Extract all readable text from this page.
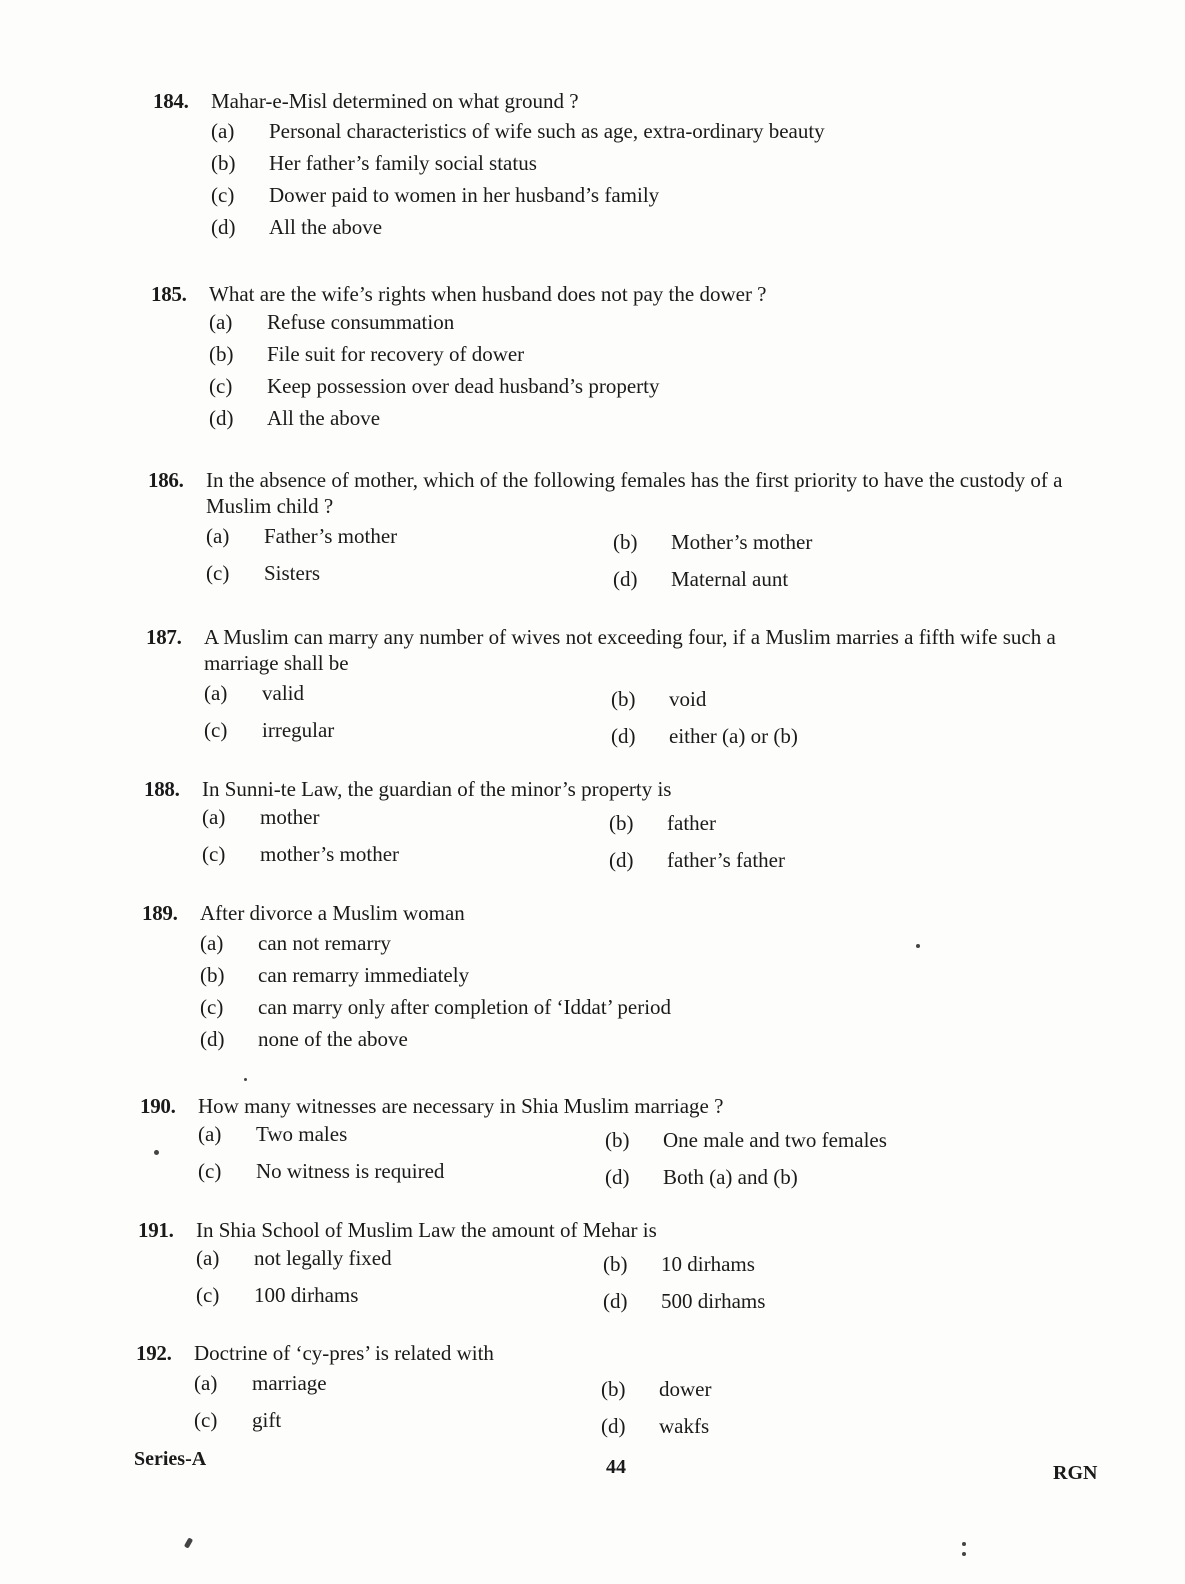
184.	Mahar-e-Misl determined on what ground ?
(a)	Personal characteristics of wife such as age, extra-ordinary beauty
(b)	Her father’s family social status
(c)	Dower paid to women in her husband’s family
(d)	All the above
185.	What are the wife’s rights when husband does not pay the dower ?
(a)	Refuse consummation
(b)	File suit for recovery of dower
(c)	Keep possession over dead husband’s property
(d)	All the above
186.	In the absence of mother, which of the following females has the first priority to have the custody of a Muslim child ?
(a)	Father’s mother	(b)	Mother’s mother
(c)	Sisters	(d)	Maternal aunt
187.	A Muslim can marry any number of wives not exceeding four, if a Muslim marries a fifth wife such a marriage shall be
(a)	valid	(b)	void
(c)	irregular	(d)	either (a) or (b)
188.	In Sunni-te Law, the guardian of the minor’s property is
(a)	mother	(b)	father
(c)	mother’s mother	(d)	father’s father
189.	After divorce a Muslim woman
(a)	can not remarry
(b)	can remarry immediately
(c)	can marry only after completion of ‘Iddat’ period
(d)	none of the above
190.	How many witnesses are necessary in Shia Muslim marriage ?
(a)	Two males	(b)	One male and two females
(c)	No witness is required	(d)	Both (a) and (b)
191.	In Shia School of Muslim Law the amount of Mehar is
(a)	not legally fixed	(b)	10 dirhams
(c)	100 dirhams	(d)	500 dirhams
192.	Doctrine of ‘cy-pres’ is related with
(a)	marriage	(b)	dower
(c)	gift	(d)	wakfs
Series-A	44	RGN
